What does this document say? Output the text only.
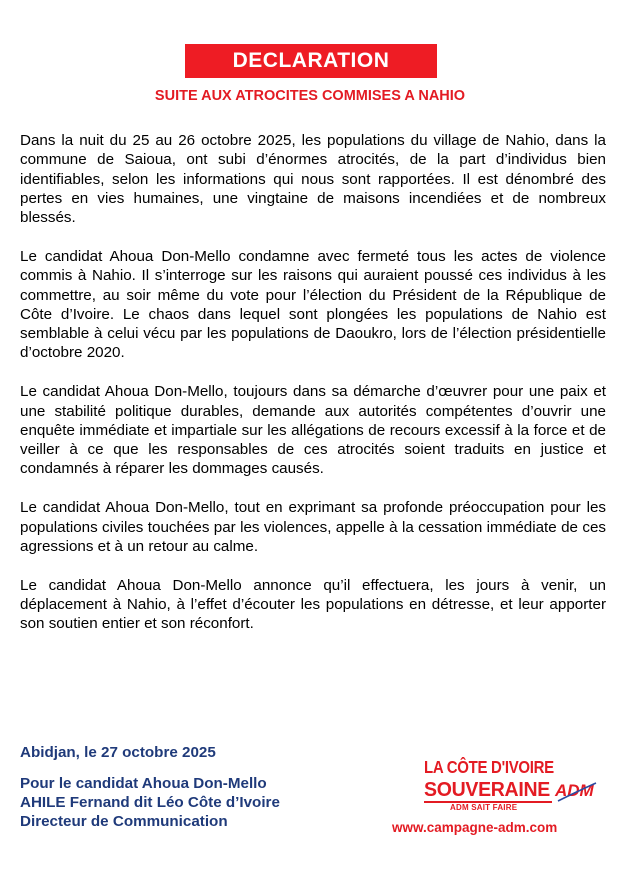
DECLARATION
SUITE AUX ATROCITES COMMISES A NAHIO

Dans la nuit du 25 au 26 octobre 2025, les populations du village de Nahio, dans la commune de Saioua, ont subi d’énormes atrocités, de la part d’individus bien identifiables, selon les informations qui nous sont rapportées. Il est dénombré des pertes en vies humaines, une vingtaine de maisons incendiées et de nombreux blessés.

Le candidat Ahoua Don-Mello condamne avec fermeté tous les actes de violence commis à Nahio. Il s’interroge sur les raisons qui auraient poussé ces individus à les commettre, au soir même du vote pour l’élection du Président de la République de Côte d’Ivoire. Le chaos dans lequel sont plongées les populations de Nahio est semblable à celui vécu par les populations de Daoukro, lors de l’élection présidentielle d’octobre 2020.

Le candidat Ahoua Don-Mello, toujours dans sa démarche d’œuvrer pour une paix et une stabilité politique durables, demande aux autorités compétentes d’ouvrir une enquête immédiate et impartiale sur les allégations de recours excessif à la force et de veiller à ce que les responsables de ces atrocités soient traduits en justice et condamnés à réparer les dommages causés.

Le candidat Ahoua Don-Mello, tout en exprimant sa profonde préoccupation pour les populations civiles touchées par les violences, appelle à la cessation immédiate de ces agressions et à un retour au calme.

Le candidat Ahoua Don-Mello annonce qu’il effectuera, les jours à venir, un déplacement à Nahio, à l’effet d’écouter les populations en détresse, et leur apporter son soutien entier et son réconfort.

Abidjan, le 27 octobre 2025
Pour le candidat Ahoua Don-Mello
AHILE Fernand dit Léo Côte d’Ivoire
Directeur de Communication
LA CÔTE D'IVOIRE
SOUVERAINE
ADM SAIT FAIRE
ADM
www.campagne-adm.com
